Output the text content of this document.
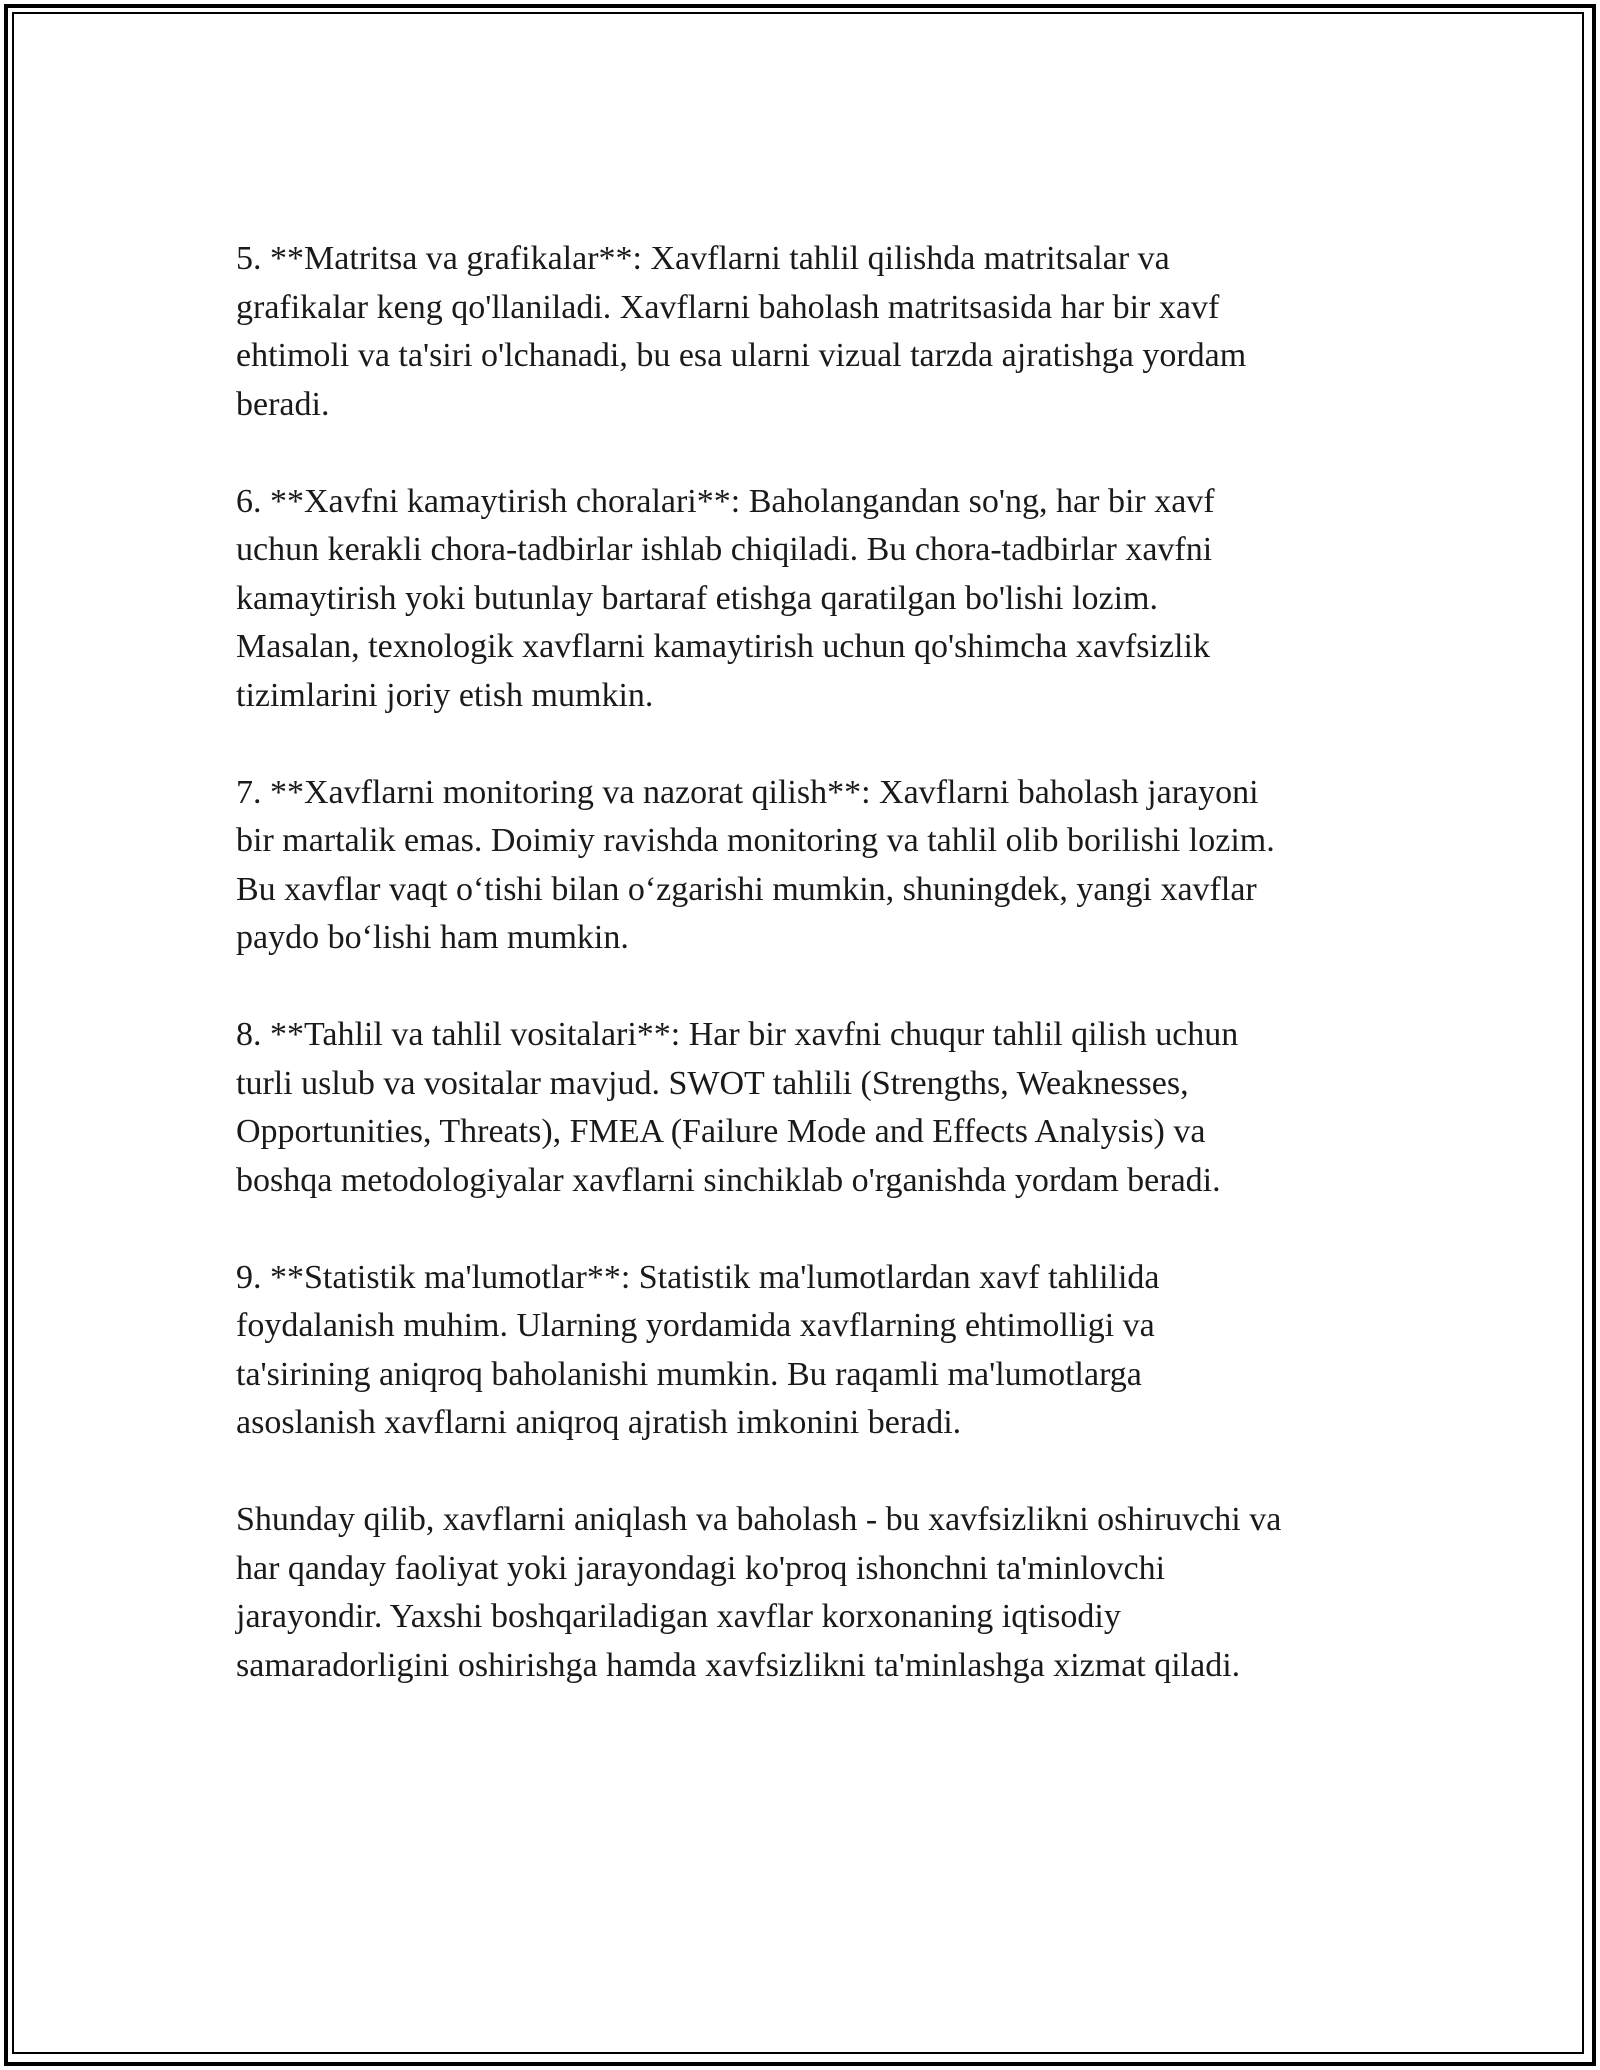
5. **Matritsa va grafikalar**: Xavflarni tahlil qilishda matritsalar va
grafikalar keng qo'llaniladi. Xavflarni baholash matritsasida har bir xavf
ehtimoli va ta'siri o'lchanadi, bu esa ularni vizual tarzda ajratishga yordam
beradi.

6. **Xavfni kamaytirish choralari**: Baholangandan so'ng, har bir xavf
uchun kerakli chora-tadbirlar ishlab chiqiladi. Bu chora-tadbirlar xavfni
kamaytirish yoki butunlay bartaraf etishga qaratilgan bo'lishi lozim.
Masalan, texnologik xavflarni kamaytirish uchun qo'shimcha xavfsizlik
tizimlarini joriy etish mumkin.

7. **Xavflarni monitoring va nazorat qilish**: Xavflarni baholash jarayoni
bir martalik emas. Doimiy ravishda monitoring va tahlil olib borilishi lozim.
Bu xavflar vaqt o‘tishi bilan o‘zgarishi mumkin, shuningdek, yangi xavflar
paydo bo‘lishi ham mumkin.

8. **Tahlil va tahlil vositalari**: Har bir xavfni chuqur tahlil qilish uchun
turli uslub va vositalar mavjud. SWOT tahlili (Strengths, Weaknesses,
Opportunities, Threats), FMEA (Failure Mode and Effects Analysis) va
boshqa metodologiyalar xavflarni sinchiklab o'rganishda yordam beradi.

9. **Statistik ma'lumotlar**: Statistik ma'lumotlardan xavf tahlilida
foydalanish muhim. Ularning yordamida xavflarning ehtimolligi va
ta'sirining aniqroq baholanishi mumkin. Bu raqamli ma'lumotlarga
asoslanish xavflarni aniqroq ajratish imkonini beradi.

Shunday qilib, xavflarni aniqlash va baholash - bu xavfsizlikni oshiruvchi va
har qanday faoliyat yoki jarayondagi ko'proq ishonchni ta'minlovchi
jarayondir. Yaxshi boshqariladigan xavflar korxonaning iqtisodiy
samaradorligini oshirishga hamda xavfsizlikni ta'minlashga xizmat qiladi.
